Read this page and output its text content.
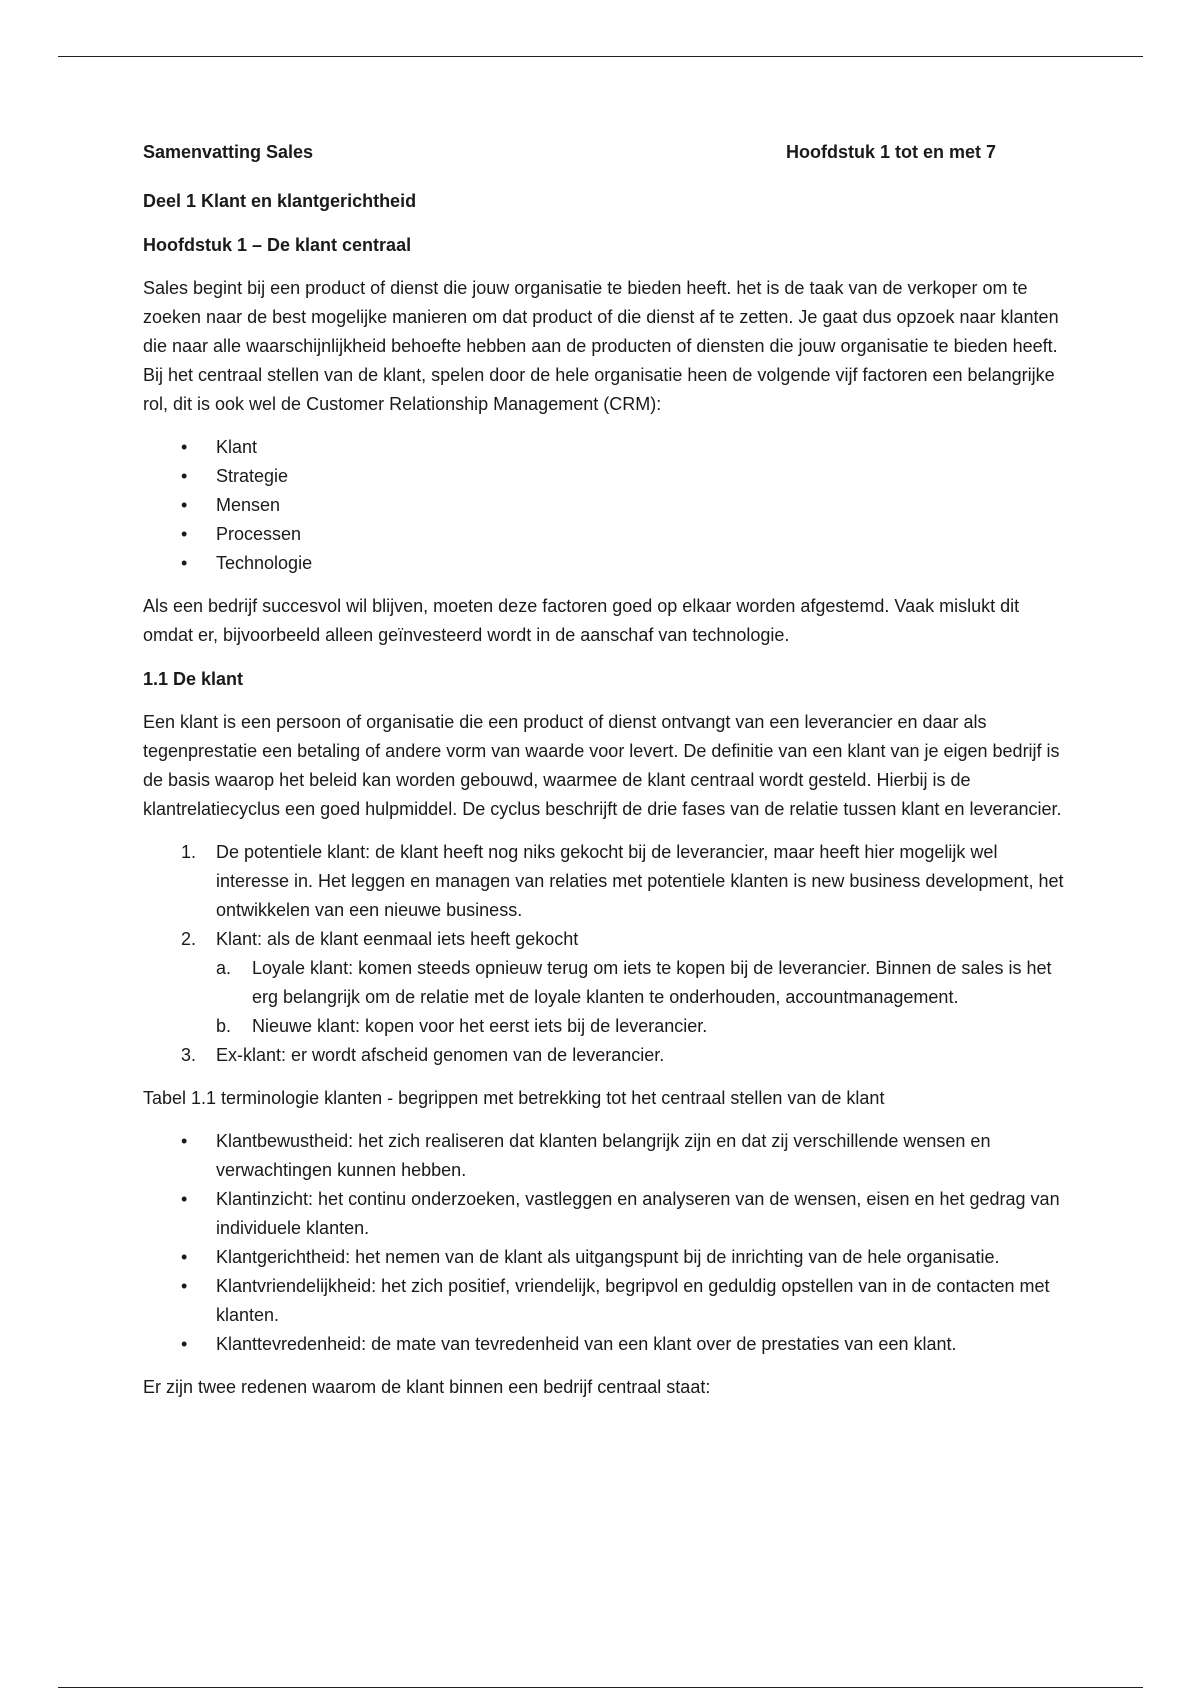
Samenvatting Sales	Hoofdstuk 1 tot en met 7
Deel 1 Klant en klantgerichtheid
Hoofdstuk 1 – De klant centraal

Sales begint bij een product of dienst die jouw organisatie te bieden heeft. het is de taak van de verkoper om te zoeken naar de best mogelijke manieren om dat product of die dienst af te zetten. Je gaat dus opzoek naar klanten die naar alle waarschijnlijkheid behoefte hebben aan de producten of diensten die jouw organisatie te bieden heeft. Bij het centraal stellen van de klant, spelen door de hele organisatie heen de volgende vijf factoren een belangrijke rol, dit is ook wel de Customer Relationship Management (CRM):

• Klant
• Strategie
• Mensen
• Processen
• Technologie

Als een bedrijf succesvol wil blijven, moeten deze factoren goed op elkaar worden afgestemd. Vaak mislukt dit omdat er, bijvoorbeeld alleen geïnvesteerd wordt in de aanschaf van technologie.

1.1 De klant

Een klant is een persoon of organisatie die een product of dienst ontvangt van een leverancier en daar als tegenprestatie een betaling of andere vorm van waarde voor levert. De definitie van een klant van je eigen bedrijf is de basis waarop het beleid kan worden gebouwd, waarmee de klant centraal wordt gesteld. Hierbij is de klantrelatiecyclus een goed hulpmiddel. De cyclus beschrijft de drie fases van de relatie tussen klant en leverancier.

1. De potentiele klant: de klant heeft nog niks gekocht bij de leverancier, maar heeft hier mogelijk wel interesse in. Het leggen en managen van relaties met potentiele klanten is new business development, het ontwikkelen van een nieuwe business.
2. Klant: als de klant eenmaal iets heeft gekocht
a. Loyale klant: komen steeds opnieuw terug om iets te kopen bij de leverancier. Binnen de sales is het erg belangrijk om de relatie met de loyale klanten te onderhouden, accountmanagement.
b. Nieuwe klant: kopen voor het eerst iets bij de leverancier.
3. Ex-klant: er wordt afscheid genomen van de leverancier.

Tabel 1.1 terminologie klanten - begrippen met betrekking tot het centraal stellen van de klant

• Klantbewustheid: het zich realiseren dat klanten belangrijk zijn en dat zij verschillende wensen en verwachtingen kunnen hebben.
• Klantinzicht: het continu onderzoeken, vastleggen en analyseren van de wensen, eisen en het gedrag van individuele klanten.
• Klantgerichtheid: het nemen van de klant als uitgangspunt bij de inrichting van de hele organisatie.
• Klantvriendelijkheid: het zich positief, vriendelijk, begripvol en geduldig opstellen van in de contacten met klanten.
• Klanttevredenheid: de mate van tevredenheid van een klant over de prestaties van een klant.

Er zijn twee redenen waarom de klant binnen een bedrijf centraal staat:
